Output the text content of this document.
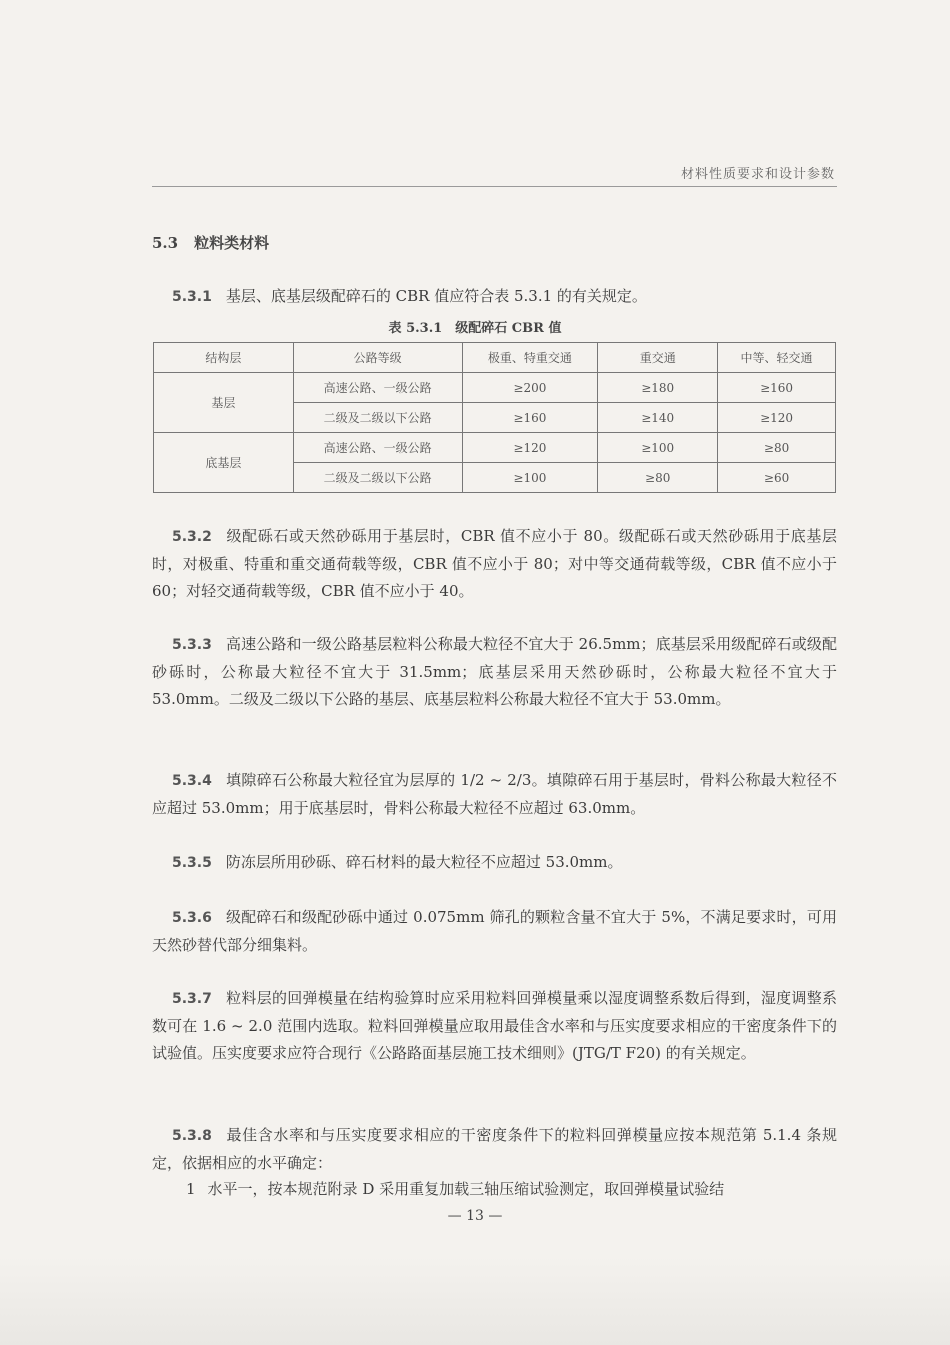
材料性质要求和设计参数
5.3 粒料类材料

5.3.1 基层、底基层级配碎石的 CBR 值应符合表 5.3.1 的有关规定。

表 5.3.1　级配碎石 CBR 值
结构层	公路等级	极重、特重交通	重交通	中等、轻交通
基层	高速公路、一级公路	≥200	≥180	≥160
	二级及二级以下公路	≥160	≥140	≥120
底基层	高速公路、一级公路	≥120	≥100	≥80
	二级及二级以下公路	≥100	≥80	≥60

5.3.2 级配砾石或天然砂砾用于基层时，CBR 值不应小于 80。级配砾石或天然砂砾用于底基层时，对极重、特重和重交通荷载等级，CBR 值不应小于 80；对中等交通荷载等级，CBR 值不应小于 60；对轻交通荷载等级，CBR 值不应小于 40。

5.3.3 高速公路和一级公路基层粒料公称最大粒径不宜大于 26.5mm；底基层采用级配碎石或级配砂砾时，公称最大粒径不宜大于 31.5mm；底基层采用天然砂砾时，公称最大粒径不宜大于 53.0mm。二级及二级以下公路的基层、底基层粒料公称最大粒径不宜大于 53.0mm。

5.3.4 填隙碎石公称最大粒径宜为层厚的 1/2 ~ 2/3。填隙碎石用于基层时，骨料公称最大粒径不应超过 53.0mm；用于底基层时，骨料公称最大粒径不应超过 63.0mm。

5.3.5 防冻层所用砂砾、碎石材料的最大粒径不应超过 53.0mm。

5.3.6 级配碎石和级配砂砾中通过 0.075mm 筛孔的颗粒含量不宜大于 5%，不满足要求时，可用天然砂替代部分细集料。

5.3.7 粒料层的回弹模量在结构验算时应采用粒料回弹模量乘以湿度调整系数后得到，湿度调整系数可在 1.6 ~ 2.0 范围内选取。粒料回弹模量应取用最佳含水率和与压实度要求相应的干密度条件下的试验值。压实度要求应符合现行《公路路面基层施工技术细则》(JTG/T F20) 的有关规定。

5.3.8 最佳含水率和与压实度要求相应的干密度条件下的粒料回弹模量应按本规范第 5.1.4 条规定，依据相应的水平确定：

1 水平一，按本规范附录 D 采用重复加载三轴压缩试验测定，取回弹模量试验结

— 13 —
